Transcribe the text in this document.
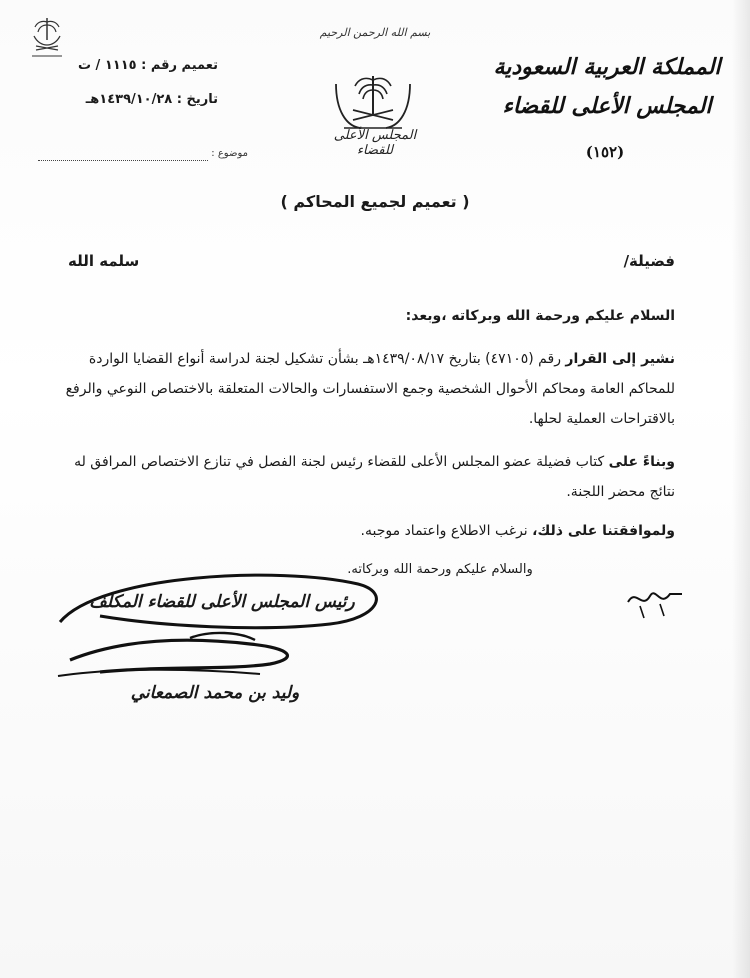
بسم الله الرحمن الرحيم
المجلس الأعلى للقضاء
المملكة العربية السعودية
المجلس الأعلى للقضاء
(١٥٢)
تعميم رقم : ١١١٥ / ت
تاريخ : ١٤٣٩/١٠/٢٨هـ
موضوع :
( تعميم لجميع المحاكم )
فضيلة/
سلمه الله
السلام عليكم ورحمة الله وبركاته ،وبعد:
نشير إلى القرار رقم (٤٧١٠٥) بتاريخ ١٤٣٩/٠٨/١٧هـ بشأن تشكيل لجنة لدراسة أنواع القضايا الواردة للمحاكم العامة ومحاكم الأحوال الشخصية وجمع الاستفسارات والحالات المتعلقة بالاختصاص النوعي والرفع بالاقتراحات العملية لحلها.
وبناءً على كتاب فضيلة عضو المجلس الأعلى للقضاء رئيس لجنة الفصل في تنازع الاختصاص المرافق له نتائج محضر اللجنة.
ولموافقتنا على ذلك، نرغب الاطلاع واعتماد موجبه.
والسلام عليكم ورحمة الله وبركاته.
رئيس المجلس الأعلى للقضاء المكلف
وليد بن محمد الصمعاني
